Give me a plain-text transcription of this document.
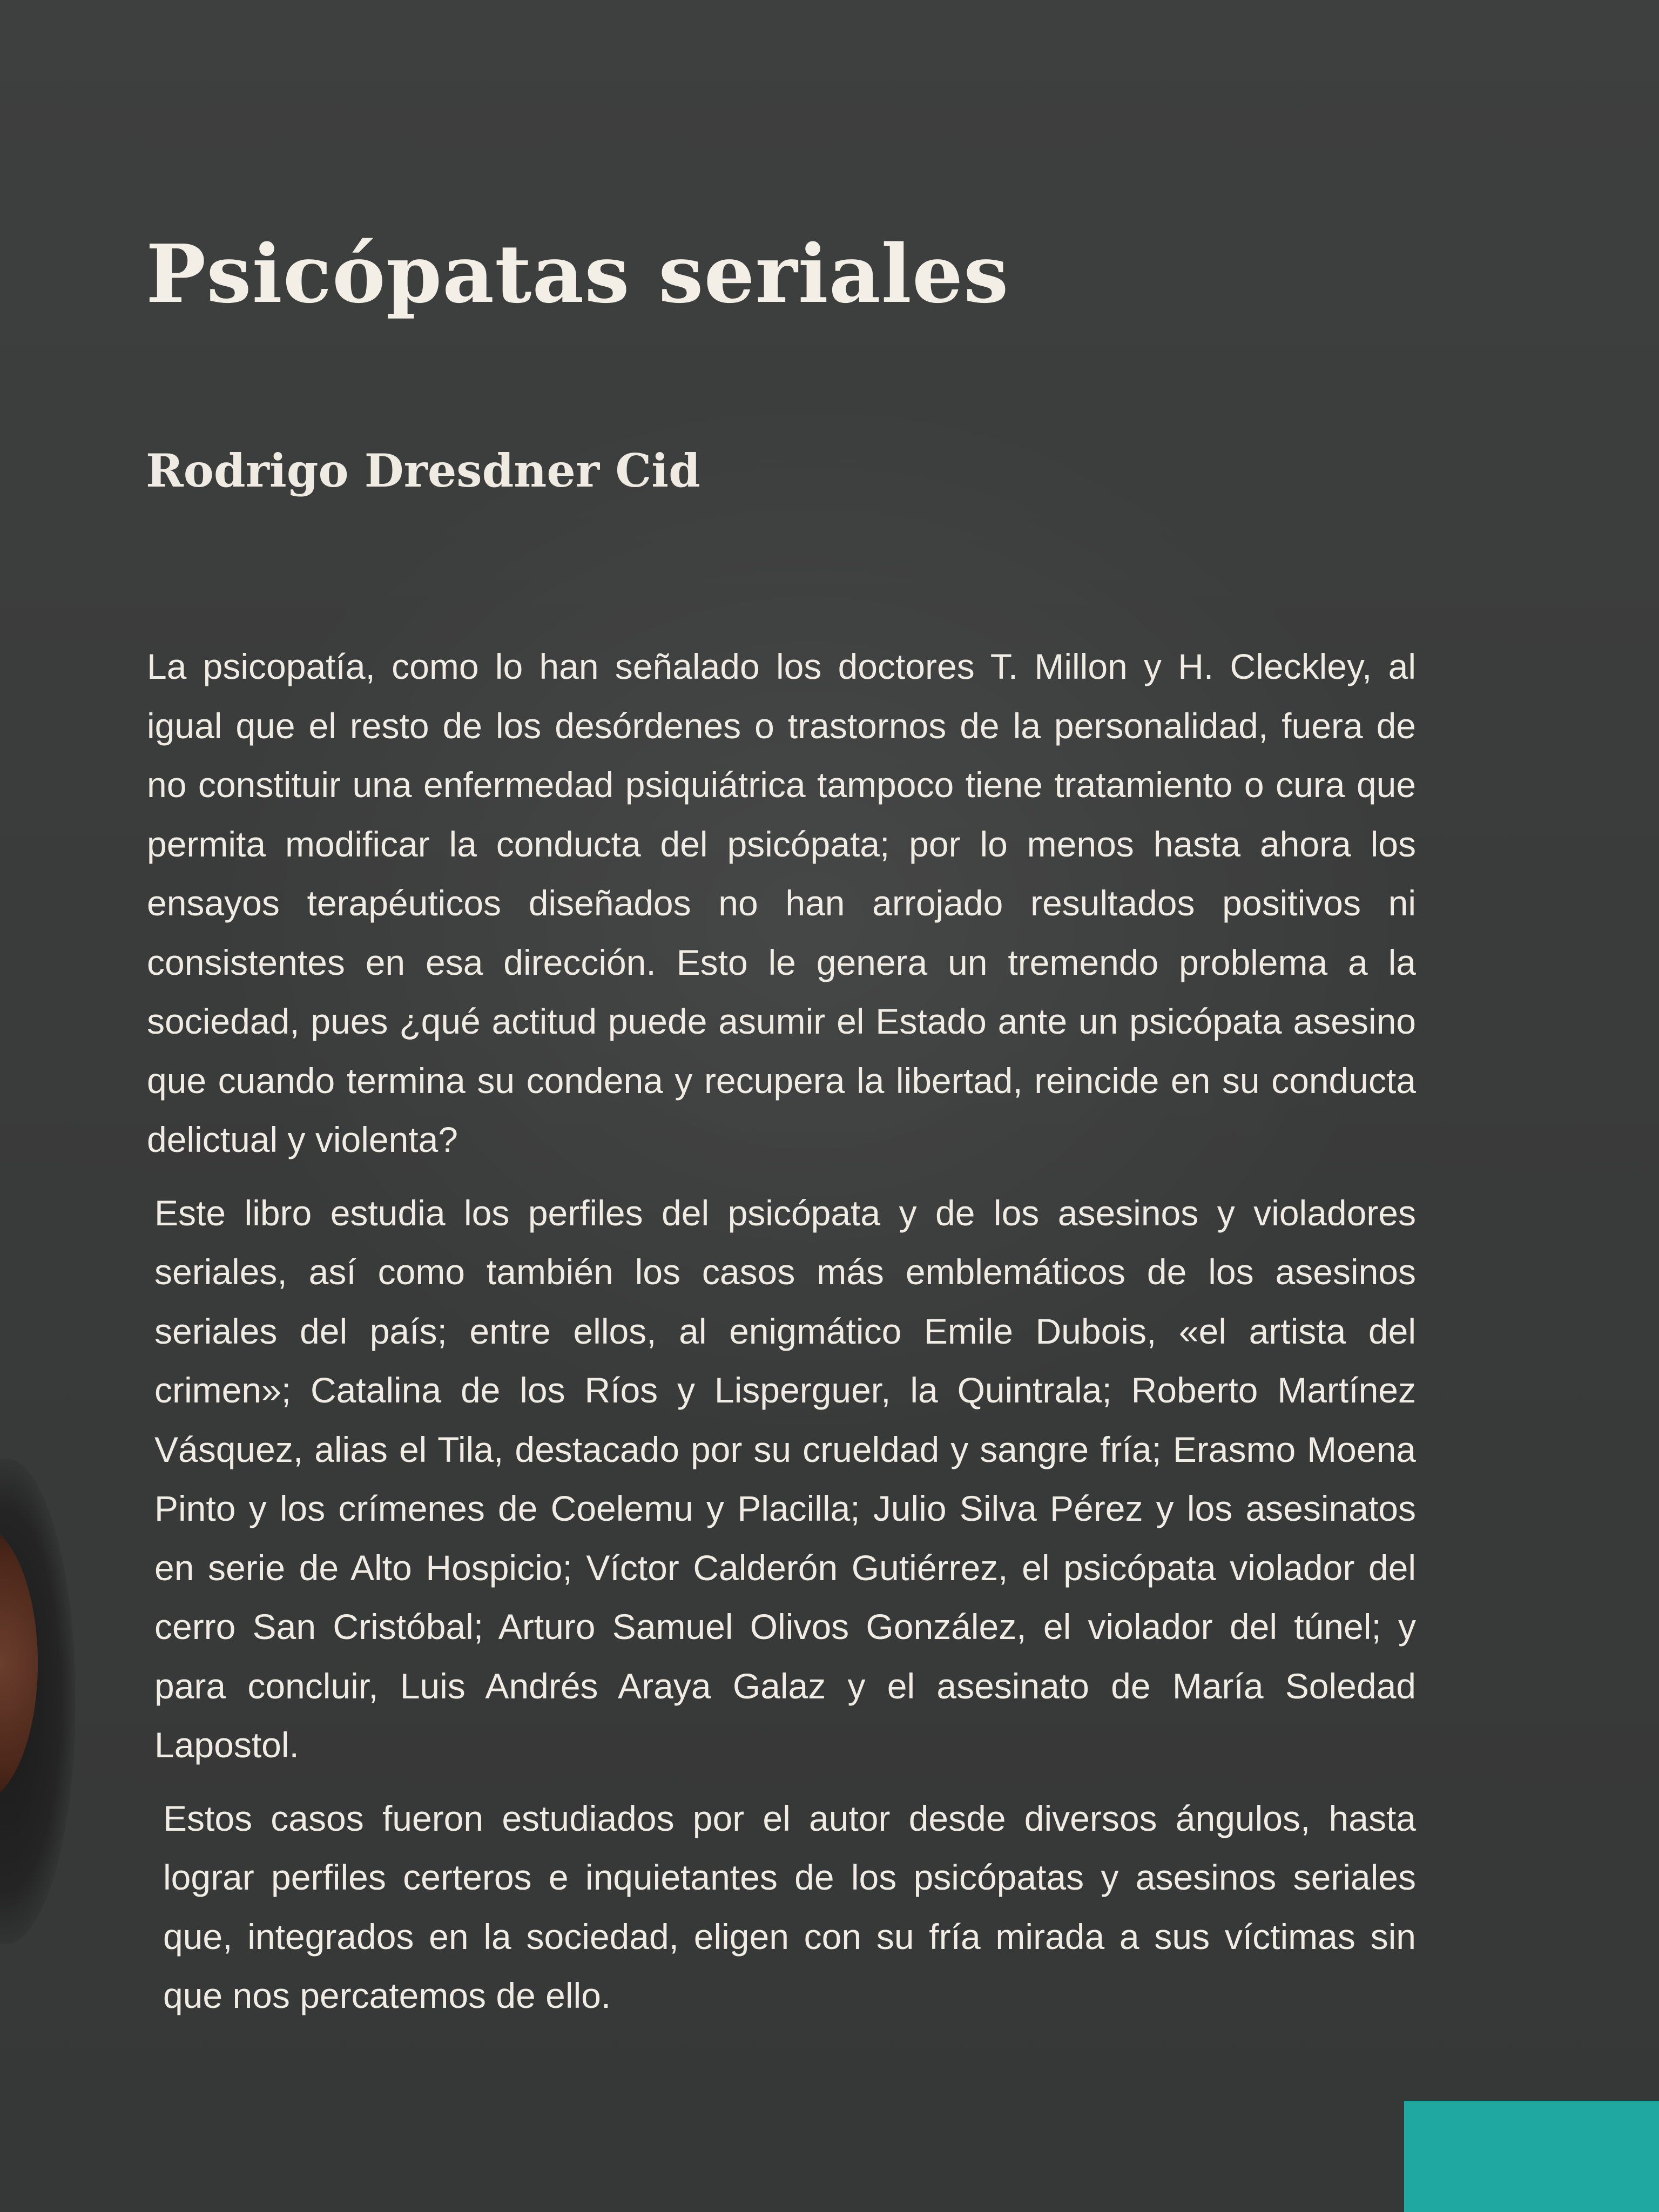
Psicópatas seriales
Rodrigo Dresdner Cid

La psicopatía, como lo han señalado los doctores T. Millon y H. Cleckley, al igual que el resto de los desórdenes o trastornos de la personalidad, fuera de no constituir una enfermedad psiquiátrica tampoco tiene tratamiento o cura que permita modificar la conducta del psicópata; por lo menos hasta ahora los ensayos terapéuticos diseñados no han arrojado resultados positivos ni consistentes en esa dirección. Esto le genera un tremendo problema a la sociedad, pues ¿qué actitud puede asumir el Estado ante un psicópata asesino que cuando termina su condena y recupera la libertad, reincide en su conducta delictual y violenta?

Este libro estudia los perfiles del psicópata y de los asesinos y violadores seriales, así como también los casos más emblemáticos de los asesinos seriales del país; entre ellos, al enigmático Emile Dubois, «el artista del crimen»; Catalina de los Ríos y Lisperguer, la Quintrala; Roberto Martínez Vásquez, alias el Tila, destacado por su crueldad y sangre fría; Erasmo Moena Pinto y los crímenes de Coelemu y Placilla; Julio Silva Pérez y los asesinatos en serie de Alto Hospicio; Víctor Calderón Gutiérrez, el psicópata violador del cerro San Cristóbal; Arturo Samuel Olivos González, el violador del túnel; y para concluir, Luis Andrés Araya Galaz y el asesinato de María Soledad Lapostol.

Estos casos fueron estudiados por el autor desde diversos ángulos, hasta lograr perfiles certeros e inquietantes de los psicópatas y asesinos seriales que, integrados en la sociedad, eligen con su fría mirada a sus víctimas sin que nos percatemos de ello.
